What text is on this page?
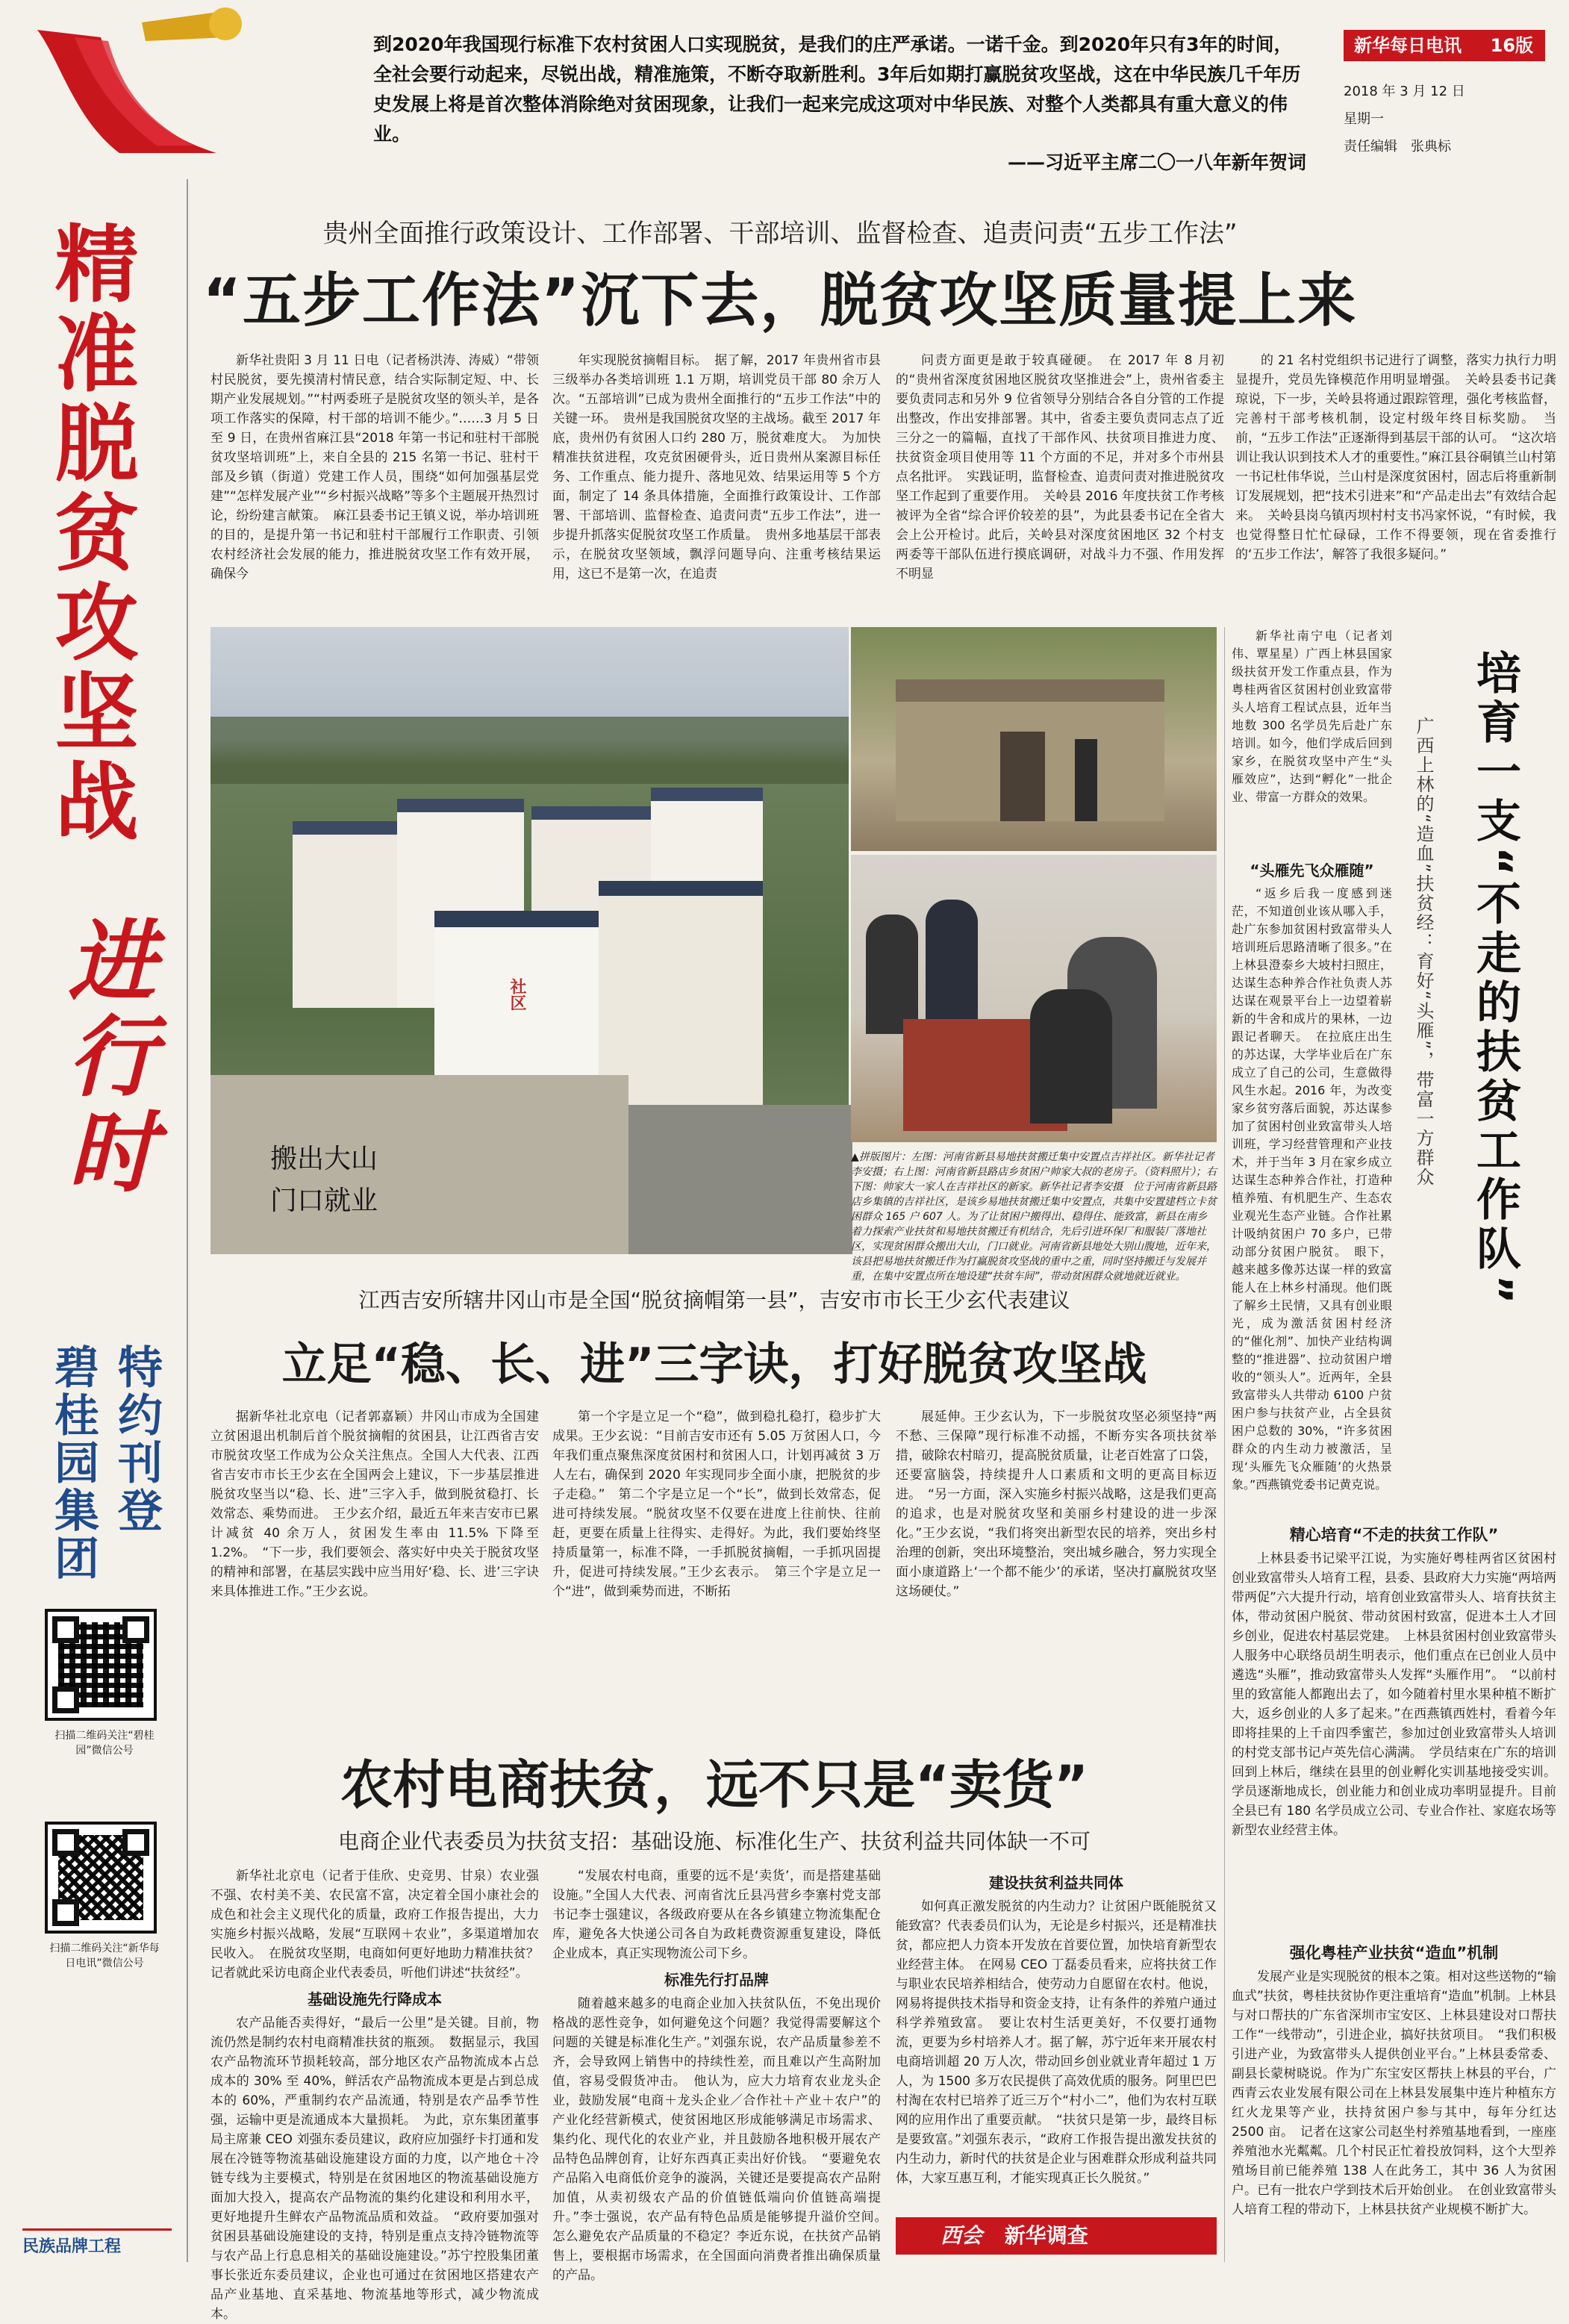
到2020年我国现行标准下农村贫困人口实现脱贫，是我们的庄严承诺。一诺千金。到2020年只有3年的时间，全社会要行动起来，尽锐出战，精准施策，不断夺取新胜利。3年后如期打赢脱贫攻坚战，这在中华民族几千年历史发展上将是首次整体消除绝对贫困现象，让我们一起来完成这项对中华民族、对整个人类都具有重大意义的伟业。
——习近平主席二〇一八年新年贺词
新华每日电讯 16版
2018 年 3 月 12 日
星期一
责任编辑　张典标
精准脱贫攻坚战
进行时
碧桂园集团 特约刊登
扫描二维码关注“碧桂园”微信公号
扫描二维码关注“新华每日电讯”微信公号
民族品牌工程
贵州全面推行政策设计、工作部署、干部培训、监督检查、追责问责“五步工作法”
“五步工作法”沉下去，脱贫攻坚质量提上来

新华社贵阳 3 月 11 日电（记者杨洪涛、涛威）“带领村民脱贫，要先摸清村情民意，结合实际制定短、中、长期产业发展规划。”“村两委班子是脱贫攻坚的领头羊，是各项工作落实的保障，村干部的培训不能少。”……3 月 5 日至 9 日，在贵州省麻江县“2018 年第一书记和驻村干部脱贫攻坚培训班”上，来自全县的 215 名第一书记、驻村干部及乡镇（街道）党建工作人员，围绕“如何加强基层党建”“怎样发展产业”“乡村振兴战略”等多个主题展开热烈讨论，纷纷建言献策。　麻江县委书记王镇义说，举办培训班的目的，是提升第一书记和驻村干部履行工作职责、引领农村经济社会发展的能力，推进脱贫攻坚工作有效开展，确保今

年实现脱贫摘帽目标。　据了解，2017 年贵州省市县三级举办各类培训班 1.1 万期，培训党员干部 80 余万人次。“五部培训”已成为贵州全面推行的“五步工作法”中的关键一环。　贵州是我国脱贫攻坚的主战场。截至 2017 年底，贵州仍有贫困人口约 280 万，脱贫难度大。　为加快精准扶贫进程，攻克贫困硬骨头，近日贵州从案源目标任务、工作重点、能力提升、落地见效、结果运用等 5 个方面，制定了 14 条具体措施，全面推行政策设计、工作部署、干部培训、监督检查、追责问责“五步工作法”，进一步提升抓落实促脱贫攻坚工作质量。　贵州多地基层干部表示，在脱贫攻坚领域，飘浮问题导向、注重考核结果运用，这已不是第一次，在追责

问责方面更是敢于较真碰硬。　在 2017 年 8 月初的“贵州省深度贫困地区脱贫攻坚推进会”上，贵州省委主要负责同志和另外 9 位省领导分别结合各自分管的工作提出整改，作出安排部署。其中，省委主要负责同志点了近三分之一的篇幅，直找了干部作风、扶贫项目推进力度、扶贫资金项目使用等 11 个方面的不足，并对多个市州县点名批评。　实践证明，监督检查、追责问责对推进脱贫攻坚工作起到了重要作用。　关岭县 2016 年度扶贫工作考核被评为全省“综合评价较差的县”，为此县委书记在全省大会上公开检讨。此后，关岭县对深度贫困地区 32 个村支两委等干部队伍进行摸底调研，对战斗力不强、作用发挥不明显

的 21 名村党组织书记进行了调整，落实力执行力明显提升，党员先锋模范作用明显增强。　关岭县委书记龚琼说，下一步，关岭县将通过跟踪管理，强化考核监督，完善村干部考核机制，设定村级年终目标奖励。　当前，“五步工作法”正逐渐得到基层干部的认可。　“这次培训让我认识到技术人才的重要性。”麻江县谷硐镇兰山村第一书记杜伟华说，兰山村是深度贫困村，固志后将重新制订发展规划，把“技术引进来”和“产品走出去”有效结合起来。　关岭县岗乌镇丙坝村村支书冯家怀说，“有时候，我也觉得整日忙忙碌碌，工作不得要领，现在省委推行的‘五步工作法’，解答了我很多疑问。”

社区
搬出大山
门口就业
▲拼版图片：左图：河南省新县易地扶贫搬迁集中安置点吉祥社区。新华社记者李安摄；右上图：河南省新县路店乡贫困户帅家大叔的老房子。（资料照片）；右下图：帅家大一家人在吉祥社区的新家。新华社记者李安摄　位于河南省新县路店乡集镇的吉祥社区，是该乡易地扶贫搬迁集中安置点，共集中安置建档立卡贫困群众 165 户 607 人。为了让贫困户搬得出、稳得住、能致富，新县在南乡着力探索产业扶贫和易地扶贫搬迁有机结合，先后引进环保厂和服装厂落地社区，实现贫困群众搬出大山，门口就业。河南省新县地处大别山腹地，近年来，该县把易地扶贫搬迁作为打赢脱贫攻坚战的重中之重，同时坚持搬迁与发展并重，在集中安置点所在地设建“扶贫车间”，带动贫困群众就地就近就业。

新华社南宁电（记者刘伟、覃星星）广西上林县国家级扶贫开发工作重点县，作为粤桂两省区贫困村创业致富带头人培育工程试点县，近年当地数 300 名学员先后赴广东培训。如今，他们学成后回到家乡，在脱贫攻坚中产生“头雁效应”，达到“孵化”一批企业、带富一方群众的效果。	培育一支“不走的扶贫工作队”
广西上林的“造血”扶贫经：育好“头雁”，带富一方群众
“头雁先飞众雁随”

“返乡后我一度感到迷茫，不知道创业该从哪入手，赴广东参加贫困村致富带头人培训班后思路清晰了很多。”在上林县澄泰乡大坡村扫照庄，达谋生态种养合作社负责人苏达谋在观景平台上一边望着崭新的牛舍和成片的果林，一边跟记者聊天。　在拉底庄出生的苏达谋，大学毕业后在广东成立了自己的公司，生意做得风生水起。2016 年，为改变家乡贫穷落后面貌，苏达谋参加了贫困村创业致富带头人培训班，学习经营管理和产业技术，并于当年 3 月在家乡成立达谋生态种养合作社，打造种植养殖、有机肥生产、生态农业观光生态产业链。合作社累计吸纳贫困户 70 多户，已带动部分贫困户脱贫。　眼下，越来越多像苏达谋一样的致富能人在上林乡村涌现。他们既了解乡土民情，又具有创业眼光，成为激活贫困村经济的“催化剂”、加快产业结构调整的“推进器”、拉动贫困户增收的“领头人”。近两年，全县致富带头人共带动 6100 户贫困户参与扶贫产业，占全县贫困户总数的 30%，“许多贫困群众的内生动力被激活，呈现‘头雁先飞众雁随’的火热景象。”西燕镇党委书记黄克说。

精心培育“不走的扶贫工作队”

上林县委书记梁平江说，为实施好粤桂两省区贫困村创业致富带头人培育工程，县委、县政府大力实施“两培两带两促”六大提升行动，培育创业致富带头人、培育扶贫主体，带动贫困户脱贫、带动贫困村致富，促进本土人才回乡创业，促进农村基层党建。　上林县贫困村创业致富带头人服务中心联络员胡生明表示，他们重点在已创业人员中遴选“头雁”，推动致富带头人发挥“头雁作用”。　“以前村里的致富能人都跑出去了，如今随着村里水果种植不断扩大，返乡创业的人多了起来。”在西燕镇西姓村，看着今年即将挂果的上千亩四季蜜芒，参加过创业致富带头人培训的村党支部书记卢英先信心满满。　学员结束在广东的培训回到上林后，继续在县里的创业孵化实训基地接受实训。学员逐渐地成长，创业能力和创业成功率明显提升。目前全县已有 180 名学员成立公司、专业合作社、家庭农场等新型农业经营主体。

强化粤桂产业扶贫“造血”机制

发展产业是实现脱贫的根本之策。相对这些送物的“输血式”扶贫，粤桂扶贫协作更注重培育“造血”机制。上林县与对口帮扶的广东省深圳市宝安区、上林县建设对口帮扶工作“一线带动”，引进企业，搞好扶贫项目。　“我们积极引进产业，为致富带头人提供创业平台。”上林县委常委、副县长蒙树晓说。作为广东宝安区帮扶上林县的平台，广西青云农业发展有限公司在上林县发展集中连片种植东方红火龙果等产业，扶持贫困户参与其中，每年分红达 2500 亩。　记者在这家公司赵坐村养殖基地看到，一座座养殖池水光粼粼。几个村民正忙着投放饲料，这个大型养殖场目前已能养殖 138 人在此务工，其中 36 人为贫困户。已有一批农户学到技术后开始创业。　在创业致富带头人培育工程的带动下，上林县扶贫产业规模不断扩大。

江西吉安所辖井冈山市是全国“脱贫摘帽第一县”，吉安市市长王少玄代表建议
立足“稳、长、进”三字诀，打好脱贫攻坚战

据新华社北京电（记者郭嘉颖）井冈山市成为全国建立贫困退出机制后首个脱贫摘帽的贫困县，让江西省吉安市脱贫攻坚工作成为公众关注焦点。全国人大代表、江西省吉安市市长王少玄在全国两会上建议，下一步基层推进脱贫攻坚当以“稳、长、进”三字入手，做到脱贫稳打、长效常态、乘势而进。　王少玄介绍，最近五年来吉安市已累计减贫 40 余万人，贫困发生率由 11.5% 下降至 1.2%。　“下一步，我们要领会、落实好中央关于脱贫攻坚的精神和部署，在基层实践中应当用好‘稳、长、进’三字诀来具体推进工作。”王少玄说。

第一个字是立足一个“稳”，做到稳扎稳打，稳步扩大成果。王少玄说：“目前吉安市还有 5.05 万贫困人口，今年我们重点聚焦深度贫困村和贫困人口，计划再减贫 3 万人左右，确保到 2020 年实现同步全面小康，把脱贫的步子走稳。”　第二个字是立足一个“长”，做到长效常态，促进可持续发展。“脱贫攻坚不仅要在进度上往前快、往前赶，更要在质量上往得实、走得好。为此，我们要始终坚持质量第一，标准不降，一手抓脱贫摘帽，一手抓巩固提升，促进可持续发展。”王少玄表示。　第三个字是立足一个“进”，做到乘势而进，不断拓

展延伸。王少玄认为，下一步脱贫攻坚必须坚持“两不愁、三保障”现行标准不动摇，不断夯实各项扶贫举措，破除农村暗刃，提高脱贫质量，让老百姓富了口袋，还要富脑袋，持续提升人口素质和文明的更高目标迈进。　“另一方面，深入实施乡村振兴战略，这是我们更高的追求，也是对脱贫攻坚和美丽乡村建设的进一步深化。”王少玄说，“我们将突出新型农民的培养，突出乡村治理的创新，突出环境整治，突出城乡融合，努力实现全面小康道路上‘一个都不能少’的承诺，坚决打赢脱贫攻坚这场硬仗。”

农村电商扶贫，远不只是“卖货”
电商企业代表委员为扶贫支招：基础设施、标准化生产、扶贫利益共同体缺一不可

新华社北京电（记者于佳欣、史竞男、甘泉）农业强不强、农村美不美、农民富不富，决定着全国小康社会的成色和社会主义现代化的质量，政府工作报告提出，大力实施乡村振兴战略，发展“互联网＋农业”，多渠道增加农民收入。　在脱贫攻坚期，电商如何更好地助力精准扶贫？记者就此采访电商企业代表委员，听他们讲述“扶贫经”。

基础设施先行降成本

农产品能否卖得好，“最后一公里”是关键。目前，物流仍然是制约农村电商精准扶贫的瓶颈。　数据显示，我国农产品物流环节损耗较高，部分地区农产品物流成本占总成本的 30% 至 40%，鲜活农产品物流成本更是占到总成本的 60%，严重制约农产品流通，特别是农产品季节性强，运输中更是流通成本大量损耗。　为此，京东集团董事局主席兼 CEO 刘强东委员建议，政府应加强纾卡打通和发展在冷链等物流基础设施建设方面的力度，以产地仓＋冷链专线为主要模式，特别是在贫困地区的物流基础设施方面加大投入，提高农产品物流的集约化建设和利用水平，更好地提升生鲜农产品物流品质和效益。　“政府要加强对贫困县基础设施建设的支持，特别是重点支持冷链物流等与农产品上行息息相关的基础设施建设。”苏宁控股集团董事长张近东委员建议，企业也可通过在贫困地区搭建农产品产业基地、直采基地、物流基地等形式，减少物流成本。

“发展农村电商，重要的远不是‘卖货’，而是搭建基础设施。”全国人大代表、河南省沈丘县冯营乡李寨村党支部书记李士强建议，各级政府要从在各乡镇建立物流集配仓库，避免各大快递公司各自为政耗费资源重复建设，降低企业成本，真正实现物流公司下乡。

标准先行打品牌

随着越来越多的电商企业加入扶贫队伍，不免出现价格战的恶性竞争，如何避免这个问题？我觉得需要解这个问题的关键是标准化生产。”刘强东说，农产品质量参差不齐，会导致网上销售中的持续性差，而且难以产生高附加值，容易受假货冲击。　他认为，应大力培育农业龙头企业，鼓励发展“电商＋龙头企业／合作社＋产业＋农户”的产业化经营新模式，使贫困地区形成能够满足市场需求、集约化、现代化的农业产业，并且鼓励各地积极开展农产品特色品牌创育，让好东西真正卖出好价钱。　“要避免农产品陷入电商低价竞争的漩涡，关键还是要提高农产品附加值，从卖初级农产品的价值链低端向价值链高端提升。”李士强说，农产品有特色品质是能够提升溢价空间。　怎么避免农产品质量的不稳定？李近东说，在扶贫产品销售上，要根据市场需求，在全国面向消费者推出确保质量的产品。

建设扶贫利益共同体

如何真正激发脱贫的内生动力？让贫困户既能脱贫又能致富？代表委员们认为，无论是乡村振兴，还是精准扶贫，都应把人力资本开发放在首要位置，加快培育新型农业经营主体。　在网易 CEO 丁磊委员看来，应将扶贫工作与职业农民培养相结合，使劳动力自愿留在农村。他说，网易将提供技术指导和资金支持，让有条件的养殖户通过科学养殖致富。　要让农村生活更美好，不仅要打通物流，更要为乡村培养人才。据了解，苏宁近年来开展农村电商培训超 20 万人次，带动回乡创业就业青年超过 1 万人，为 1500 多万农民提供了高效优质的服务。阿里巴巴村淘在农村已培养了近三万个“村小二”，他们为农村互联网的应用作出了重要贡献。　“扶贫只是第一步，最终目标是要致富。”刘强东表示，“政府工作报告提出激发扶贫的内生动力，新时代的扶贫是企业与困难群众形成利益共同体，大家互惠互利，才能实现真正长久脱贫。”

西会 新华调查
